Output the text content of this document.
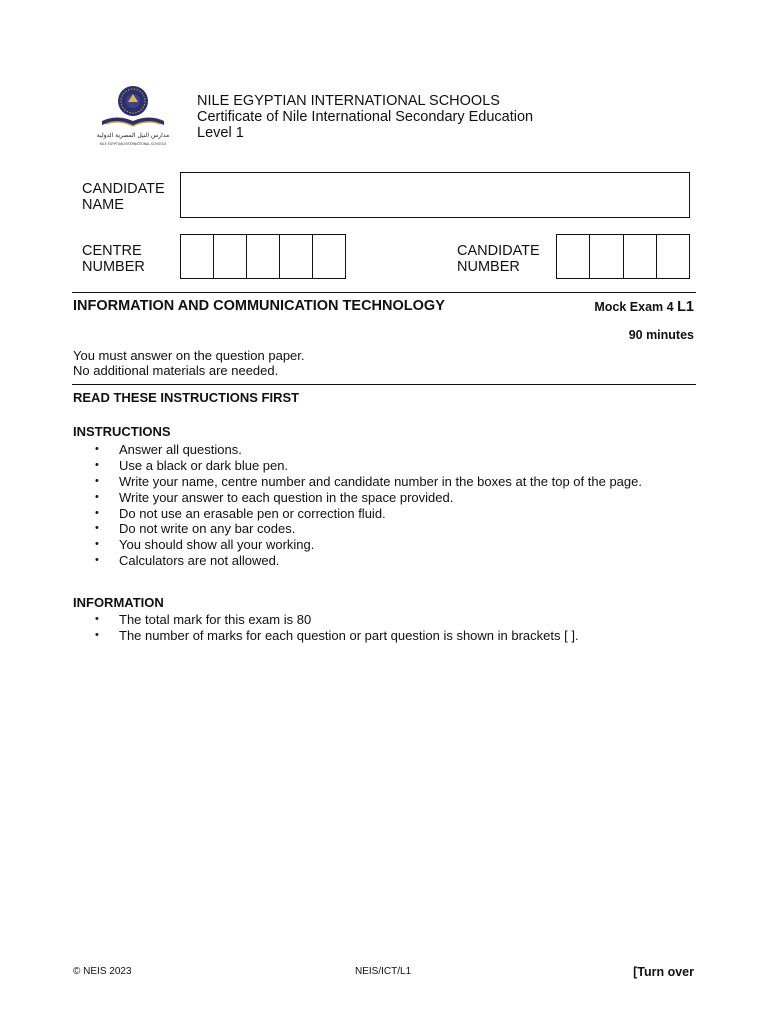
مدارس النيل المصرية الدولية
NILE EGYPTIAN INTERNATIONAL SCHOOLS
NILE EGYPTIAN INTERNATIONAL SCHOOLS
Certificate of Nile International Secondary Education
Level 1
CANDIDATE
NAME
CENTRE
NUMBER
CANDIDATE
NUMBER
INFORMATION AND COMMUNICATION TECHNOLOGY	Mock Exam 4 L1
90 minutes
You must answer on the question paper.
No additional materials are needed.
READ THESE INSTRUCTIONS FIRST
INSTRUCTIONS
• Answer all questions.
• Use a black or dark blue pen.
• Write your name, centre number and candidate number in the boxes at the top of the page.
• Write your answer to each question in the space provided.
• Do not use an erasable pen or correction fluid.
• Do not write on any bar codes.
• You should show all your working.
• Calculators are not allowed.
INFORMATION
• The total mark for this exam is 80
• The number of marks for each question or part question is shown in brackets [ ].
© NEIS 2023	NEIS/ICT/L1	[Turn over
